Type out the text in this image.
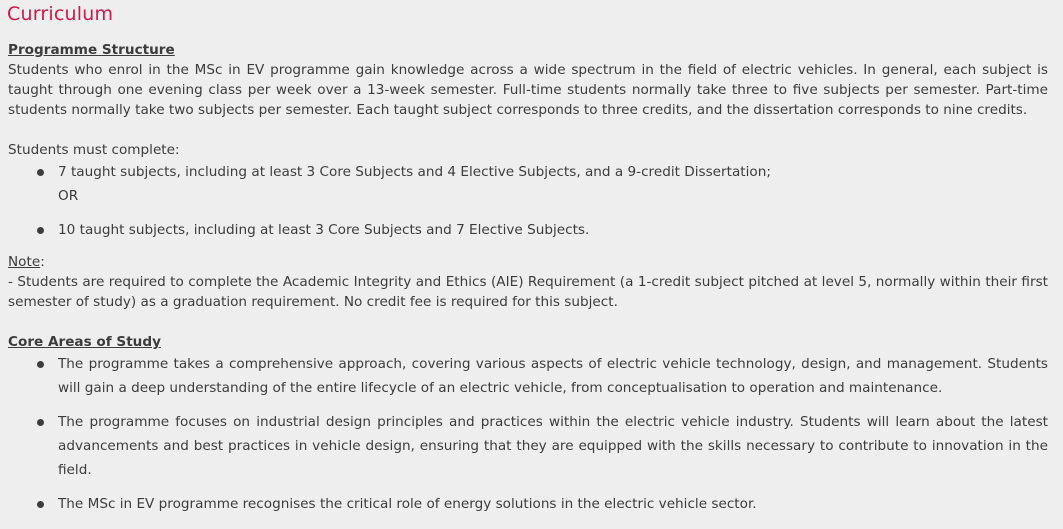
Curriculum

Programme Structure

Students who enrol in the MSc in EV programme gain knowledge across a wide spectrum in the field of electric vehicles. In general, each subject is taught through one evening class per week over a 13-week semester. Full-time students normally take three to five subjects per semester. Part-time students normally take two subjects per semester. Each taught subject corresponds to three credits, and the dissertation corresponds to nine credits.

Students must complete:

7 taught subjects, including at least 3 Core Subjects and 4 Elective Subjects, and a 9-credit Dissertation;
OR
10 taught subjects, including at least 3 Core Subjects and 7 Elective Subjects.

Note:

- Students are required to complete the Academic Integrity and Ethics (AIE) Requirement (a 1-credit subject pitched at level 5, normally within their first semester of study) as a graduation requirement. No credit fee is required for this subject.

Core Areas of Study

The programme takes a comprehensive approach, covering various aspects of electric vehicle technology, design, and management. Students will gain a deep understanding of the entire lifecycle of an electric vehicle, from conceptualisation to operation and maintenance.
The programme focuses on industrial design principles and practices within the electric vehicle industry. Students will learn about the latest advancements and best practices in vehicle design, ensuring that they are equipped with the skills necessary to contribute to innovation in the field.
The MSc in EV programme recognises the critical role of energy solutions in the electric vehicle sector.
